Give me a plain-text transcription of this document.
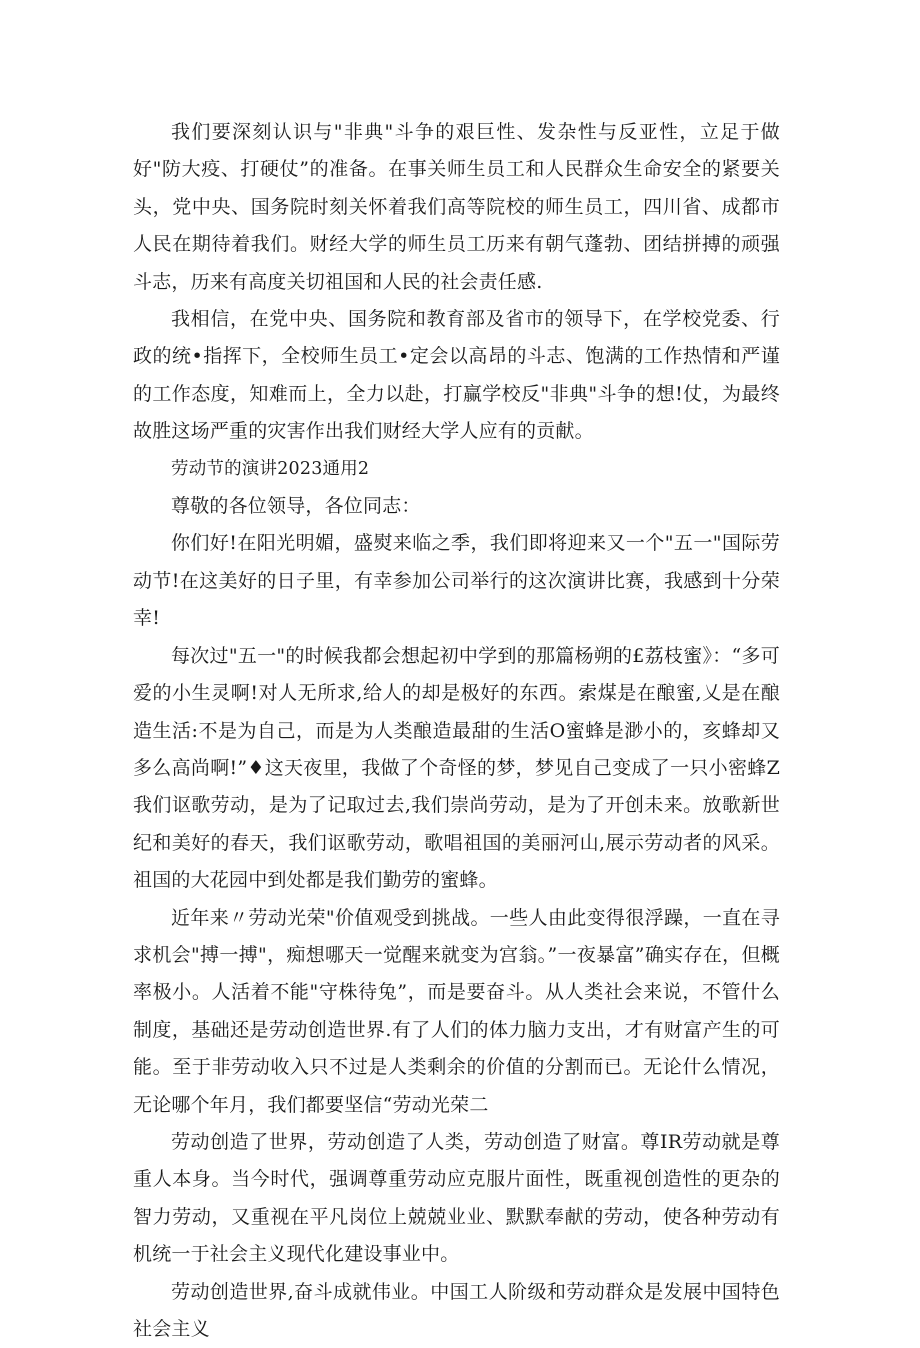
我们要深刻认识与"非典"斗争的艰巨性、发杂性与反亚性，立足于做好"防大疫、打硬仗”的准备。在事关师生员工和人民群众生命安全的紧要关头，党中央、国务院时刻关怀着我们高等院校的师生员工，四川省、成都市人民在期待着我们。财经大学的师生员工历来有朝气蓬勃、团结拼搏的顽强斗志，历来有高度关切祖国和人民的社会责任感.

我相信，在党中央、国务院和教育部及省市的领导下，在学校党委、行政的统•指挥下，全校师生员工•定会以高昂的斗志、饱满的工作热情和严谨的工作态度，知难而上，全力以赴，打赢学校反"非典"斗争的想!仗，为最终故胜这场严重的灾害作出我们财经大学人应有的贡献。

劳动节的演讲2023通用2

尊敬的各位领导，各位同志：

你们好!在阳光明媚，盛熨来临之季，我们即将迎来又一个"五一"国际劳动节!在这美好的日子里，有幸参加公司举行的这次演讲比赛，我感到十分荣幸!

每次过"五一"的时候我都会想起初中学到的那篇杨朔的£荔枝蜜》：“多可爱的小生灵啊!对人无所求,给人的却是极好的东西。索煤是在酿蜜,乂是在酿造生活:不是为自己，而是为人类酿造最甜的生活O蜜蜂是渺小的，亥蜂却又多么高尚啊!”♦这天夜里，我做了个奇怪的梦，梦见自己变成了一只小密蜂Z我们讴歌劳动，是为了记取过去,我们崇尚劳动，是为了开创未来。放歌新世纪和美好的春天，我们讴歌劳动，歌唱祖国的美丽河山,展示劳动者的风采。祖国的大花园中到处都是我们勤劳的蜜蜂。

近年来〃劳动光荣"价值观受到挑战。一些人由此变得很浮躁，一直在寻求机会"搏一搏"，痴想哪天一觉醒来就变为宫翁。”一夜暴富”确实存在，但概率极小。人活着不能"守株待兔”，而是要奋斗。从人类社会来说，不管什么制度，基础还是劳动创造世界.有了人们的体力脑力支出，才有财富产生的可能。至于非劳动收入只不过是人类剩余的价值的分割而已。无论什么情况，无论哪个年月，我们都要坚信“劳动光荣二

劳动创造了世界，劳动创造了人类，劳动创造了财富。尊IR劳动就是尊重人本身。当今时代，强调尊重劳动应克服片面性，既重视创造性的更杂的智力劳动，又重视在平凡岗位上兢兢业业、默默奉献的劳动，使各种劳动有机统一于社会主义现代化建设事业中。

劳动创造世界,奋斗成就伟业。中国工人阶级和劳动群众是发展中国特色社会主义
